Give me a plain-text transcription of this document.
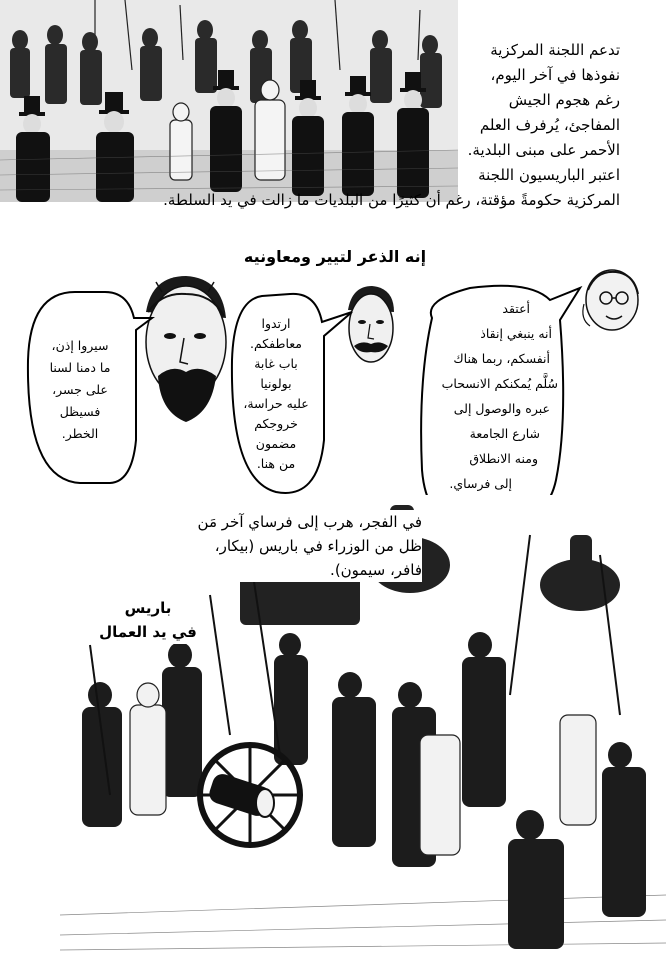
تدعم اللجنة المركزية
نفوذها في آخر اليوم،
رغم هجوم الجيش
المفاجئ، يُرفرف العلم
الأحمر على مبنى البلدية.
اعتبر الباريسيون اللجنة
المركزية حكومةً مؤقتة، رغم أن كثيرًا من البلديات ما زالت في يد السلطة.
إنه الذعر لتيير ومعاونيه
سيروا إذن،
ما دمنا لسنا
على جسر،
فسيظل
الخطر.
ارتدوا
معاطفكم.
باب غابة
بولونيا
عليه حراسة،
خروجكم
مضمون
من هنا.
أعتقد
أنه ينبغي إنقاذ
أنفسكم، ربما هناك
سُلَّم يُمكنكم الانسحاب
عبره والوصول إلى
شارع الجامعة
ومنه الانطلاق
إلى فرساي.
في الفجر، هرب إلى فرساي آخر مَن
ظل من الوزراء في باريس (بيكار،
فافر، سيمون).
باريس
في يد العمال
